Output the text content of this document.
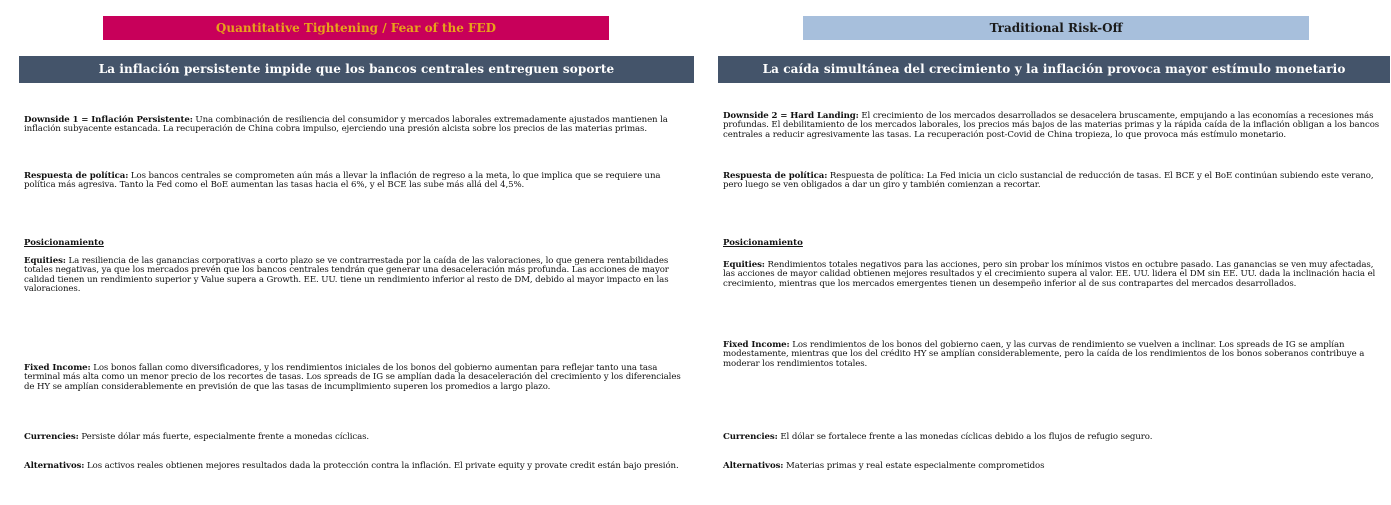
Quantitative Tightening / Fear of the FED
La inflación persistente impide que los bancos centrales entreguen soporte

Downside 1 = Inflación Persistente: Una combinación de resiliencia del consumidor y mercados laborales extremadamente ajustados mantienen la inflación subyacente estancada. La recuperación de China cobra impulso, ejerciendo una presión alcista sobre los precios de las materias primas.

Respuesta de política: Los bancos centrales se comprometen aún más a llevar la inflación de regreso a la meta, lo que implica que se requiere una política más agresiva. Tanto la Fed como el BoE aumentan las tasas hacia el 6%, y el BCE las sube más allá del 4,5%.

Posicionamiento

Equities: La resiliencia de las ganancias corporativas a corto plazo se ve contrarrestada por la caída de las valoraciones, lo que genera rentabilidades totales negativas, ya que los mercados prevén que los bancos centrales tendrán que generar una desaceleración más profunda. Las acciones de mayor calidad tienen un rendimiento superior y Value supera a Growth. EE. UU. tiene un rendimiento inferior al resto de DM, debido al mayor impacto en las valoraciones.

Fixed Income: Los bonos fallan como diversificadores, y los rendimientos iniciales de los bonos del gobierno aumentan para reflejar tanto una tasa terminal más alta como un menor precio de los recortes de tasas. Los spreads de IG se amplían dada la desaceleración del crecimiento y los diferenciales de HY se amplían considerablemente en previsión de que las tasas de incumplimiento superen los promedios a largo plazo.

Currencies: Persiste dólar más fuerte, especialmente frente a monedas cíclicas.

Alternativos: Los activos reales obtienen mejores resultados dada la protección contra la inflación. El private equity y provate credit están bajo presión.

Traditional Risk-Off
La caída simultánea del crecimiento y la inflación provoca mayor estímulo monetario

Downside 2 = Hard Landing: El crecimiento de los mercados desarrollados se desacelera bruscamente, empujando a las economías a recesiones más profundas. El debilitamiento de los mercados laborales, los precios más bajos de las materias primas y la rápida caída de la inflación obligan a los bancos centrales a reducir agresivamente las tasas. La recuperación post-Covid de China tropieza, lo que provoca más estímulo monetario.

Respuesta de política: Respuesta de política: La Fed inicia un ciclo sustancial de reducción de tasas. El BCE y el BoE continúan subiendo este verano, pero luego se ven obligados a dar un giro y también comienzan a recortar.

Posicionamiento

Equities: Rendimientos totales negativos para las acciones, pero sin probar los mínimos vistos en octubre pasado. Las ganancias se ven muy afectadas, las acciones de mayor calidad obtienen mejores resultados y el crecimiento supera al valor. EE. UU. lidera el DM sin EE. UU. dada la inclinación hacia el crecimiento, mientras que los mercados emergentes tienen un desempeño inferior al de sus contrapartes del mercados desarrollados.

Fixed Income: Los rendimientos de los bonos del gobierno caen, y las curvas de rendimiento se vuelven a inclinar. Los spreads de IG se amplían modestamente, mientras que los del crédito HY se amplían considerablemente, pero la caída de los rendimientos de los bonos soberanos contribuye a moderar los rendimientos totales.

Currencies: El dólar se fortalece frente a las monedas cíclicas debido a los flujos de refugio seguro.

Alternativos: Materias primas y real estate especialmente comprometidos
